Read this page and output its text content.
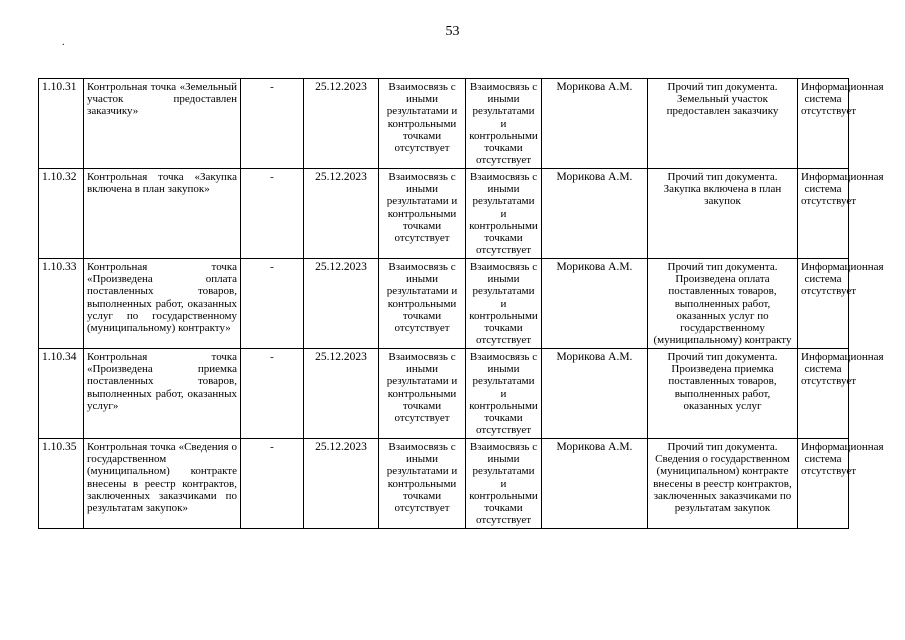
53
.
1.10.31	Контрольная точка «Земельный участок предоставлен заказчику»	-	25.12.2023	Взаимосвязь с иными результатами и контрольными точками отсутствует	Взаимосвязь с иными результатами и контрольными точками отсутствует	Морикова А.М.	Прочий тип документа. Земельный участок предоставлен заказчику	Информационная система отсутствует
1.10.32	Контрольная точка «Закупка включена в план закупок»	-	25.12.2023	Взаимосвязь с иными результатами и контрольными точками отсутствует	Взаимосвязь с иными результатами и контрольными точками отсутствует	Морикова А.М.	Прочий тип документа. Закупка включена в план закупок	Информационная система отсутствует
1.10.33	Контрольная точка «Произведена оплата поставленных товаров, выполненных работ, оказанных услуг по государственному (муниципальному) контракту»	-	25.12.2023	Взаимосвязь с иными результатами и контрольными точками отсутствует	Взаимосвязь с иными результатами и контрольными точками отсутствует	Морикова А.М.	Прочий тип документа. Произведена оплата поставленных товаров, выполненных работ, оказанных услуг по государственному (муниципальному) контракту	Информационная система отсутствует
1.10.34	Контрольная точка «Произведена приемка поставленных товаров, выполненных работ, оказанных услуг»	-	25.12.2023	Взаимосвязь с иными результатами и контрольными точками отсутствует	Взаимосвязь с иными результатами и контрольными точками отсутствует	Морикова А.М.	Прочий тип документа. Произведена приемка поставленных товаров, выполненных работ, оказанных услуг	Информационная система отсутствует
1.10.35	Контрольная точка «Сведения о государственном (муниципальном) контракте внесены в реестр контрактов, заключенных заказчиками по результатам закупок»	-	25.12.2023	Взаимосвязь с иными результатами и контрольными точками отсутствует	Взаимосвязь с иными результатами и контрольными точками отсутствует	Морикова А.М.	Прочий тип документа. Сведения о государственном (муниципальном) контракте внесены в реестр контрактов, заключенных заказчиками по результатам закупок	Информационная система отсутствует
